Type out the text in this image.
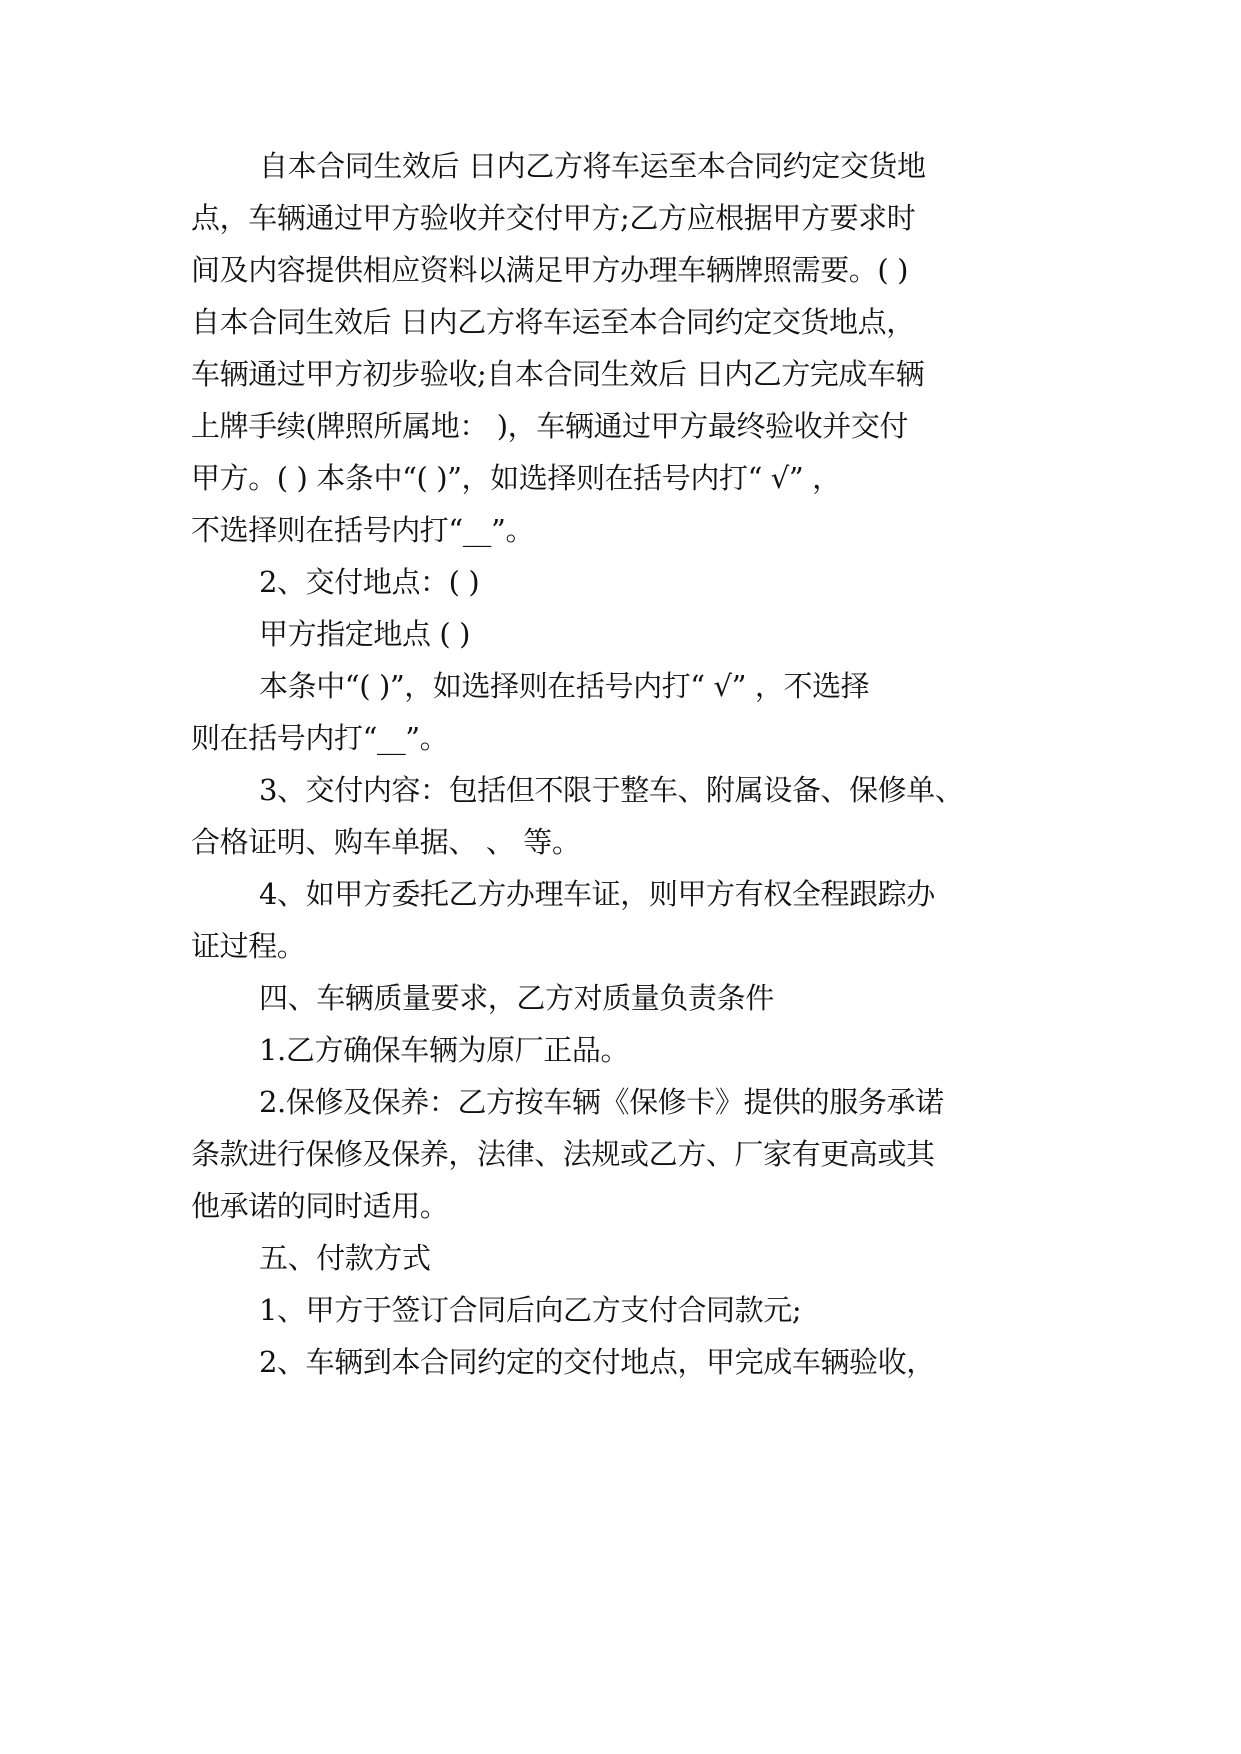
自本合同生效后 日内乙方将车运至本合同约定交货地

点，车辆通过甲方验收并交付甲方;乙方应根据甲方要求时

间及内容提供相应资料以满足甲方办理车辆牌照需要。( )

自本合同生效后 日内乙方将车运至本合同约定交货地点，

车辆通过甲方初步验收;自本合同生效后 日内乙方完成车辆

上牌手续(牌照所属地： )，车辆通过甲方最终验收并交付

甲方。( ) 本条中“( )”，如选择则在括号内打“ √” ，

不选择则在括号内打“__”。

2、交付地点：( )

甲方指定地点 ( )

本条中“( )”，如选择则在括号内打“ √” ，不选择

则在括号内打“__”。

3、交付内容：包括但不限于整车、附属设备、保修单、

合格证明、购车单据、 、 等。

4、如甲方委托乙方办理车证，则甲方有权全程跟踪办

证过程。

四、车辆质量要求，乙方对质量负责条件

1.乙方确保车辆为原厂正品。

2.保修及保养：乙方按车辆《保修卡》提供的服务承诺

条款进行保修及保养，法律、法规或乙方、厂家有更高或其

他承诺的同时适用。

五、付款方式

1、甲方于签订合同后向乙方支付合同款元;

2、车辆到本合同约定的交付地点，甲完成车辆验收，
